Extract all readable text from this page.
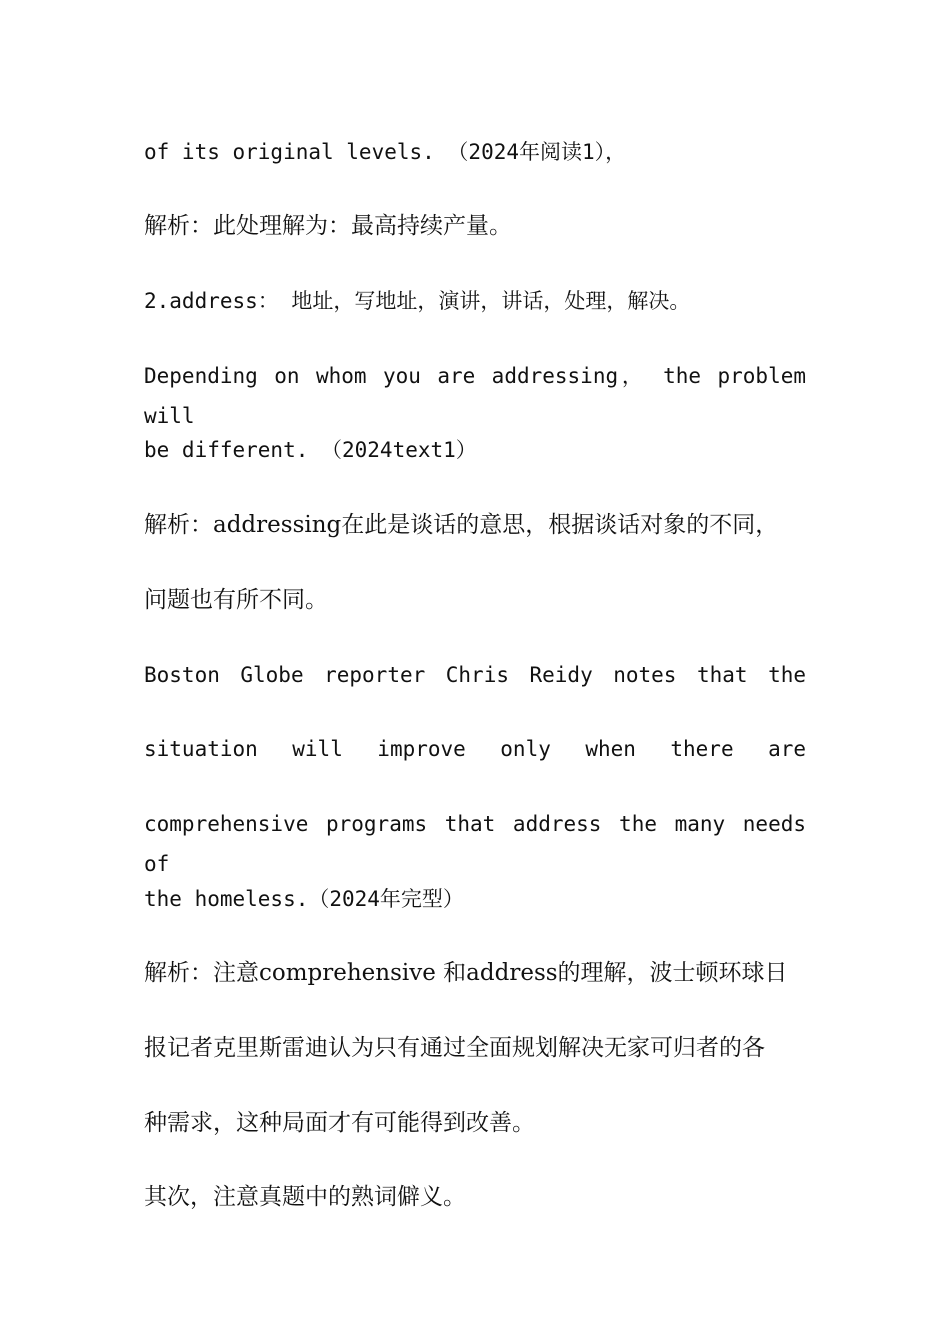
of its original levels. （2024年阅读1），
解析：此处理解为：最高持续产量。
2.address： 地址，写地址，演讲，讲话，处理，解决。
Depending on whom you are addressing， the problem will
be different. （2024text1）
解析：addressing在此是谈话的意思，根据谈话对象的不同，
问题也有所不同。
Boston Globe reporter Chris Reidy notes that the
situation will improve only when there are
comprehensive programs that address the many needs of
the homeless.（2024年完型）
解析：注意comprehensive 和address的理解，波士顿环球日
报记者克里斯雷迪认为只有通过全面规划解决无家可归者的各
种需求，这种局面才有可能得到改善。
其次，注意真题中的熟词僻义。
